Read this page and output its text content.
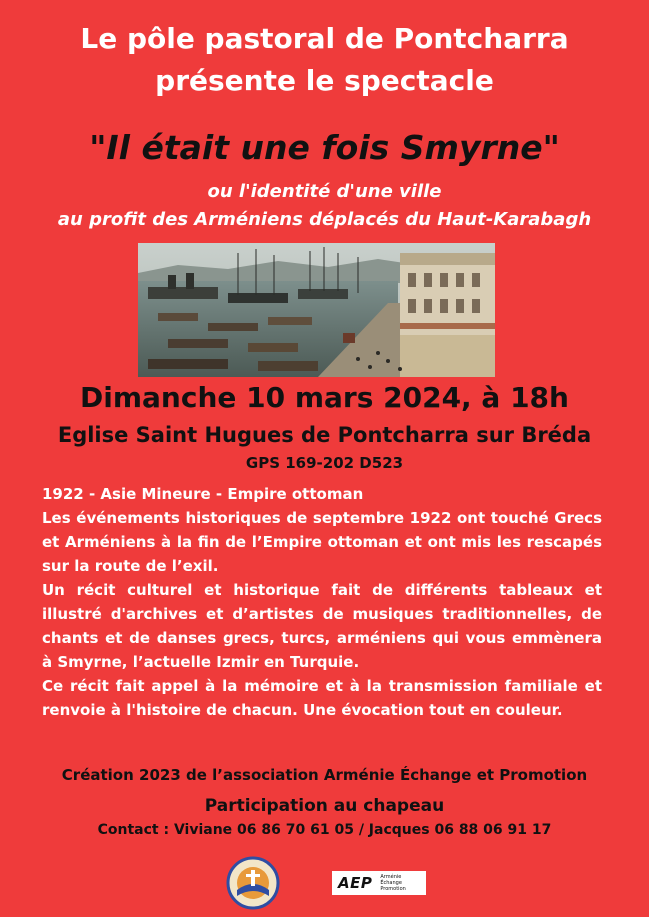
Le pôle pastoral de Pontcharra
présente le spectacle
"Il était une fois Smyrne"
ou l'identité d'une ville
au profit des Arméniens déplacés du Haut-Karabagh
Dimanche 10 mars 2024, à 18h
Eglise Saint Hugues de Pontcharra sur Bréda
GPS 169-202 D523

1922 - Asie Mineure - Empire ottoman

Les événements historiques de septembre 1922 ont touché Grecs et Arméniens à la fin de l’Empire ottoman et ont mis les rescapés sur la route de l’exil.

Un récit culturel et historique fait de différents tableaux et illustré d'archives et d’artistes de musiques traditionnelles, de chants et de danses grecs, turcs, arméniens qui vous emmènera à Smyrne, l’actuelle Izmir en Turquie.

Ce récit fait appel à la mémoire et à la transmission familiale et renvoie à l'histoire de chacun. Une évocation tout en couleur.

Création 2023 de l’association Arménie Échange et Promotion
Participation au chapeau
Contact : Viviane 06 86 70 61 05 / Jacques 06 88 06 91 17
AEP Arménie
Échange
Promotion
